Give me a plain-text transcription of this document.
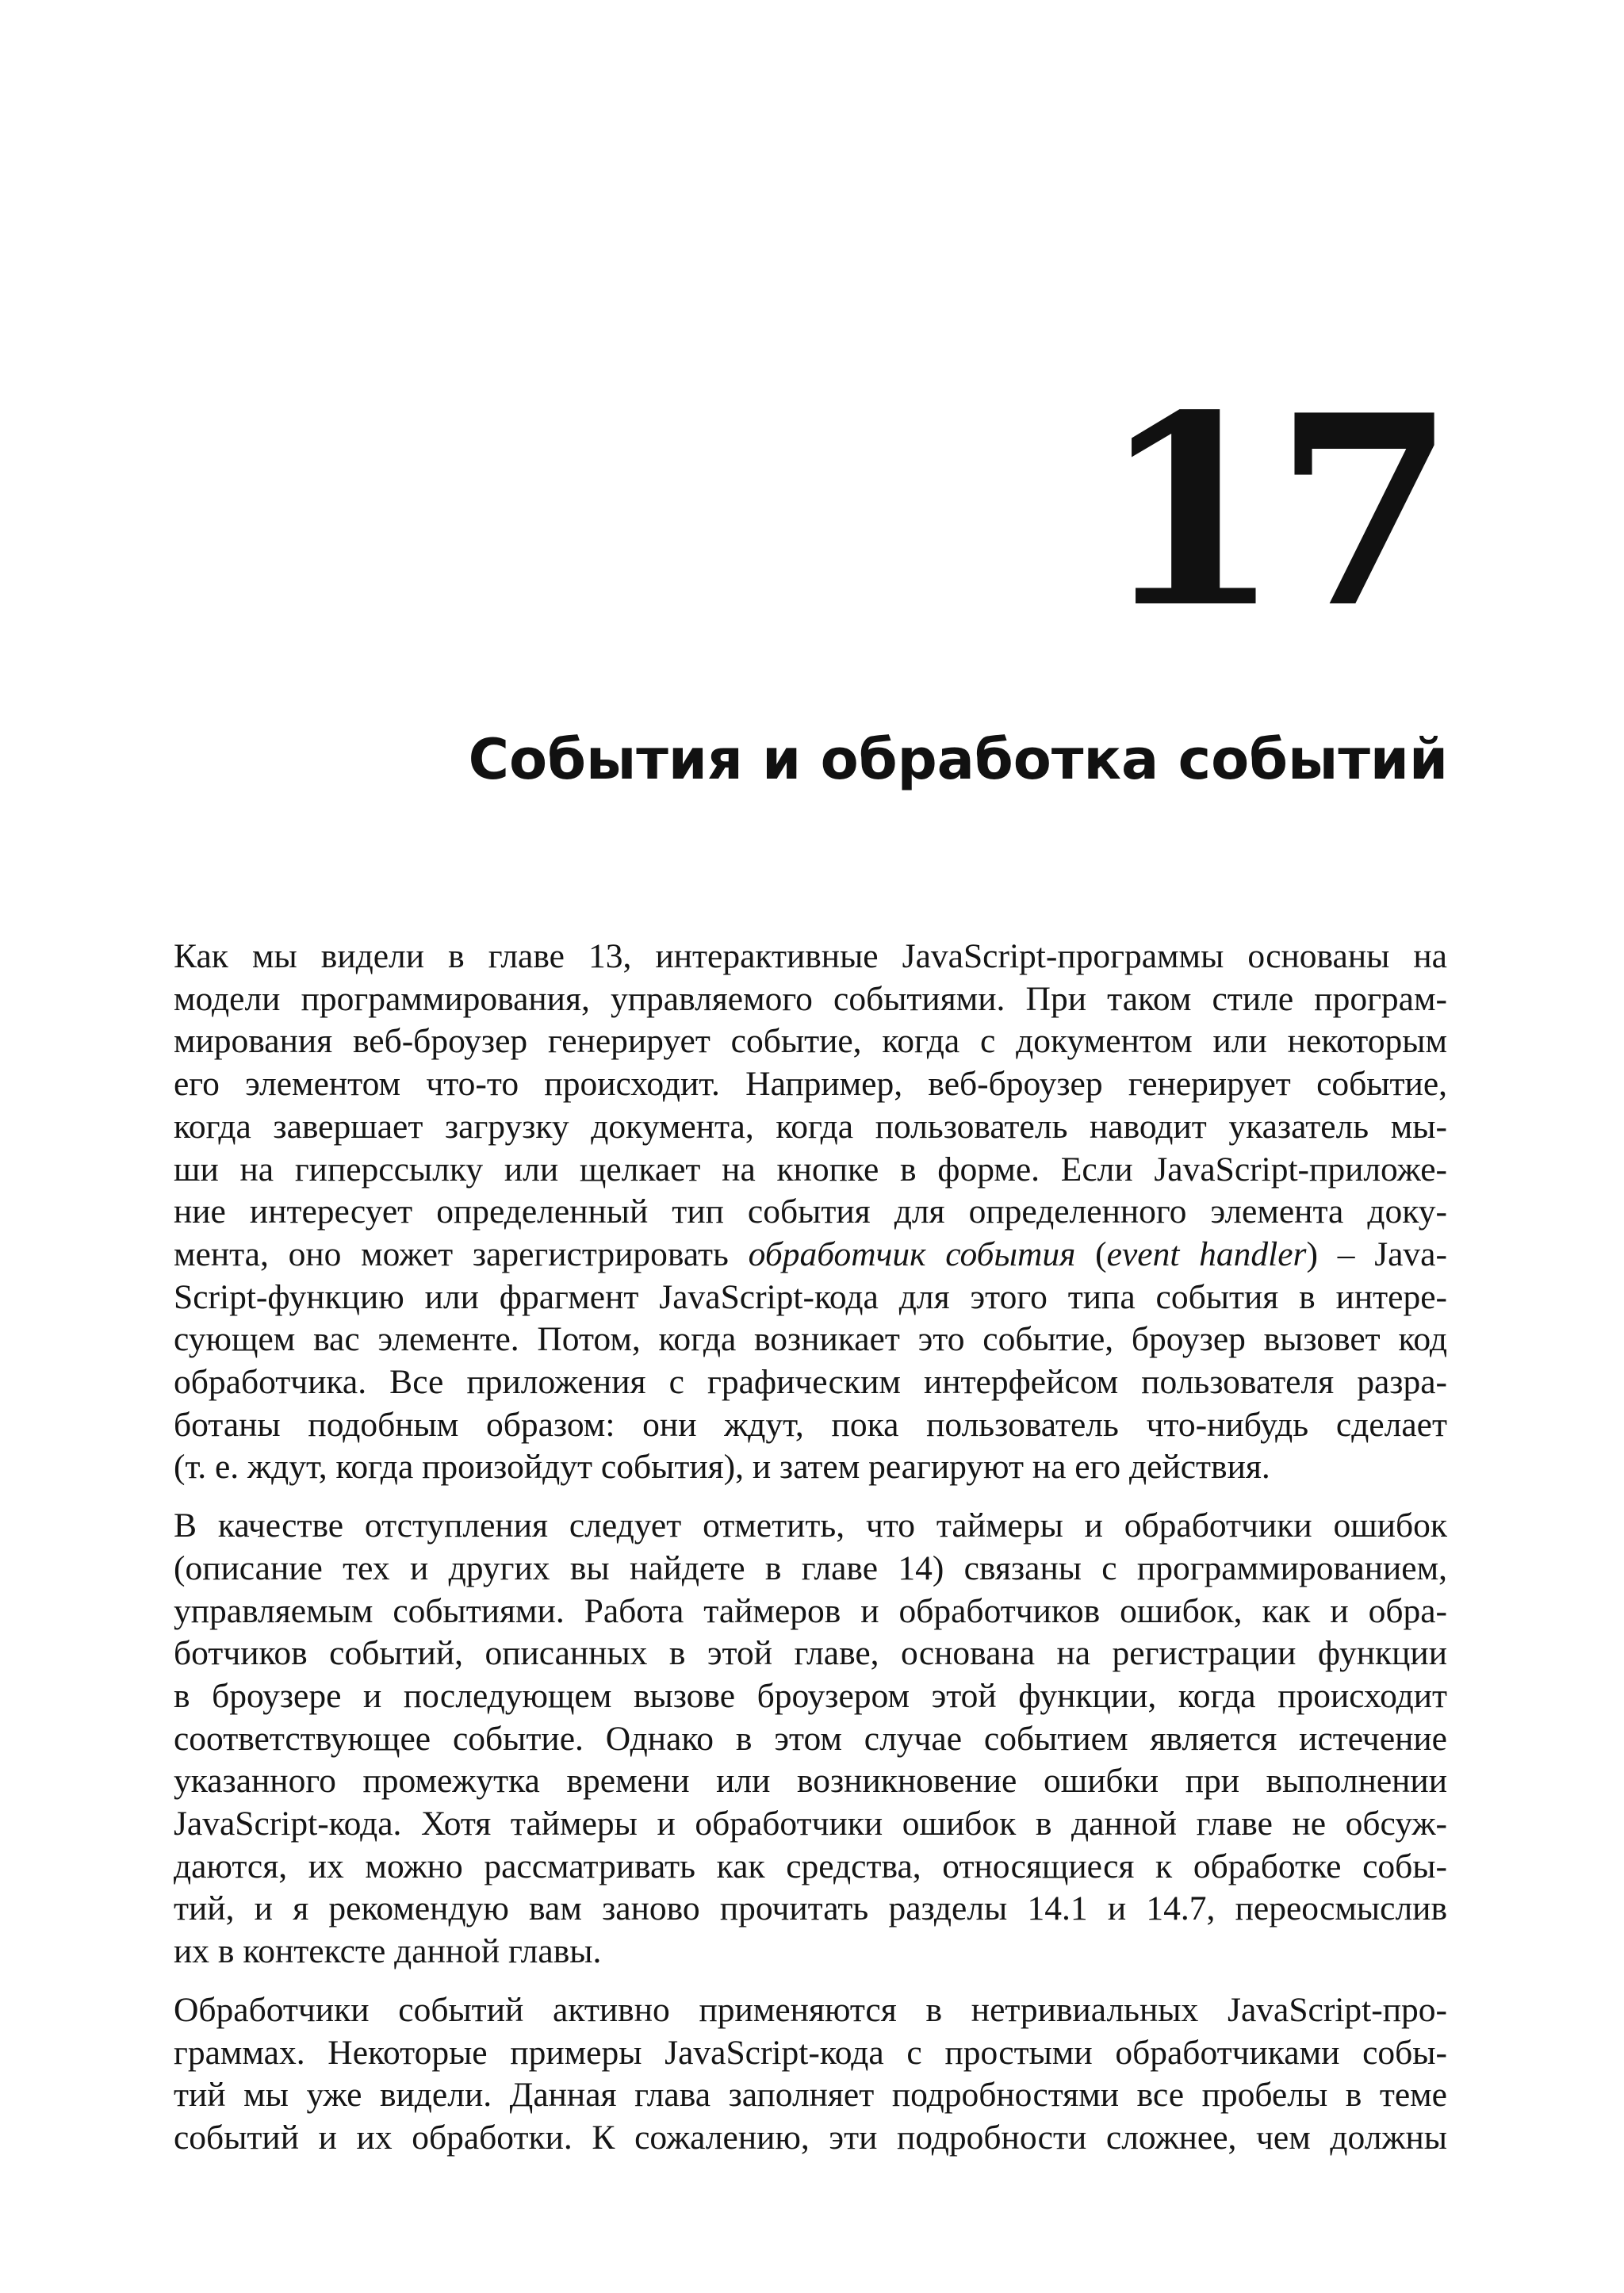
17
События и обработка событий
Как мы видели в главе 13, интерактивные JavaScript-программы основаны на
модели программирования, управляемого событиями. При таком стиле програм-
мирования веб-броузер генерирует событие, когда с документом или некоторым
его элементом что-то происходит. Например, веб-броузер генерирует событие,
когда завершает загрузку документа, когда пользователь наводит указатель мы-
ши на гиперссылку или щелкает на кнопке в форме. Если JavaScript-приложе-
ние интересует определенный тип события для определенного элемента доку-
мента, оно может зарегистрировать обработчик события (event handler) – Java-
Script-функцию или фрагмент JavaScript-кода для этого типа события в интере-
сующем вас элементе. Потом, когда возникает это событие, броузер вызовет код
обработчика. Все приложения с графическим интерфейсом пользователя разра-
ботаны подобным образом: они ждут, пока пользователь что-нибудь сделает
(т. е. ждут, когда произойдут события), и затем реагируют на его действия.
В качестве отступления следует отметить, что таймеры и обработчики ошибок
(описание тех и других вы найдете в главе 14) связаны с программированием,
управляемым событиями. Работа таймеров и обработчиков ошибок, как и обра-
ботчиков событий, описанных в этой главе, основана на регистрации функции
в броузере и последующем вызове броузером этой функции, когда происходит
соответствующее событие. Однако в этом случае событием является истечение
указанного промежутка времени или возникновение ошибки при выполнении
JavaScript-кода. Хотя таймеры и обработчики ошибок в данной главе не обсуж-
даются, их можно рассматривать как средства, относящиеся к обработке собы-
тий, и я рекомендую вам заново прочитать разделы 14.1 и 14.7, переосмыслив
их в контексте данной главы.
Обработчики событий активно применяются в нетривиальных JavaScript-про-
граммах. Некоторые примеры JavaScript-кода с простыми обработчиками собы-
тий мы уже видели. Данная глава заполняет подробностями все пробелы в теме
событий и их обработки. К сожалению, эти подробности сложнее, чем должны
